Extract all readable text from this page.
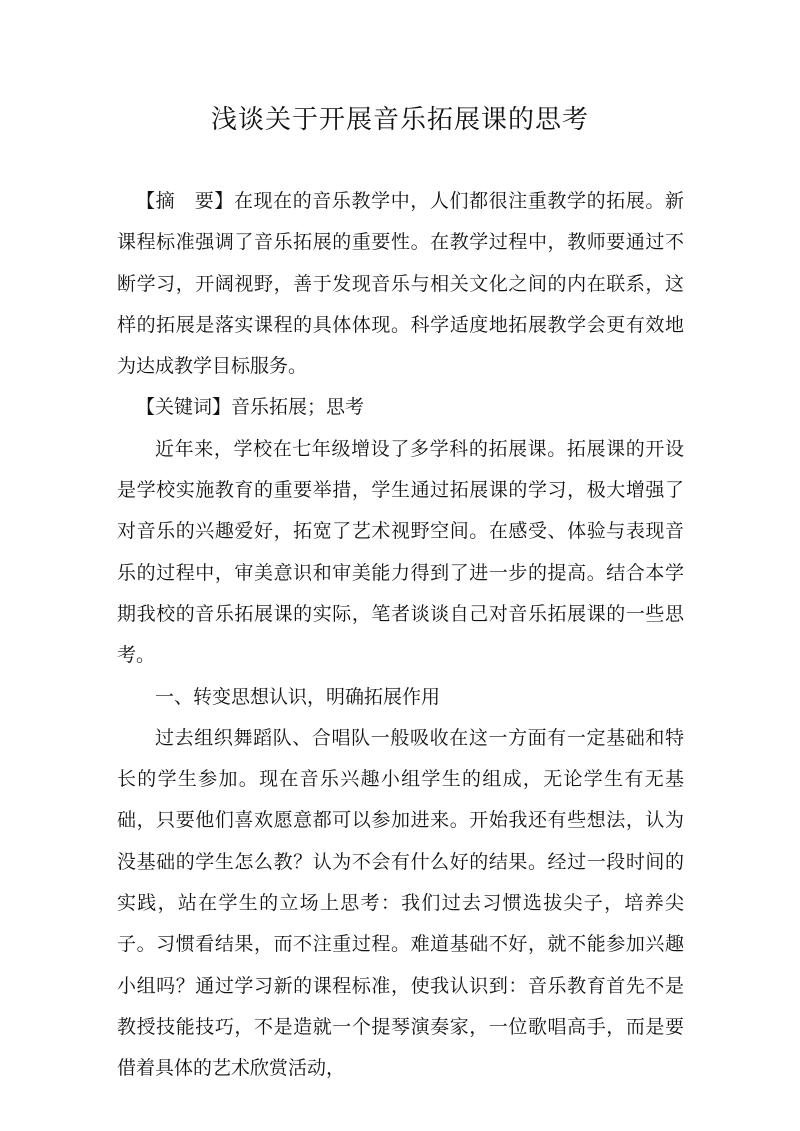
浅谈关于开展音乐拓展课的思考

【摘　要】在现在的音乐教学中，人们都很注重教学的拓展。新课程标准强调了音乐拓展的重要性。在教学过程中，教师要通过不断学习，开阔视野，善于发现音乐与相关文化之间的内在联系，这样的拓展是落实课程的具体体现。科学适度地拓展教学会更有效地为达成教学目标服务。

【关键词】音乐拓展；思考

近年来，学校在七年级增设了多学科的拓展课。拓展课的开设是学校实施教育的重要举措，学生通过拓展课的学习，极大增强了对音乐的兴趣爱好，拓宽了艺术视野空间。在感受、体验与表现音乐的过程中，审美意识和审美能力得到了进一步的提高。结合本学期我校的音乐拓展课的实际，笔者谈谈自己对音乐拓展课的一些思考。

一、转变思想认识，明确拓展作用

过去组织舞蹈队、合唱队一般吸收在这一方面有一定基础和特长的学生参加。现在音乐兴趣小组学生的组成，无论学生有无基础，只要他们喜欢愿意都可以参加进来。开始我还有些想法，认为没基础的学生怎么教？认为不会有什么好的结果。经过一段时间的实践，站在学生的立场上思考：我们过去习惯选拔尖子，培养尖子。习惯看结果，而不注重过程。难道基础不好，就不能参加兴趣小组吗？通过学习新的课程标准，使我认识到：音乐教育首先不是教授技能技巧，不是造就一个提琴演奏家，一位歌唱高手，而是要借着具体的艺术欣赏活动，
